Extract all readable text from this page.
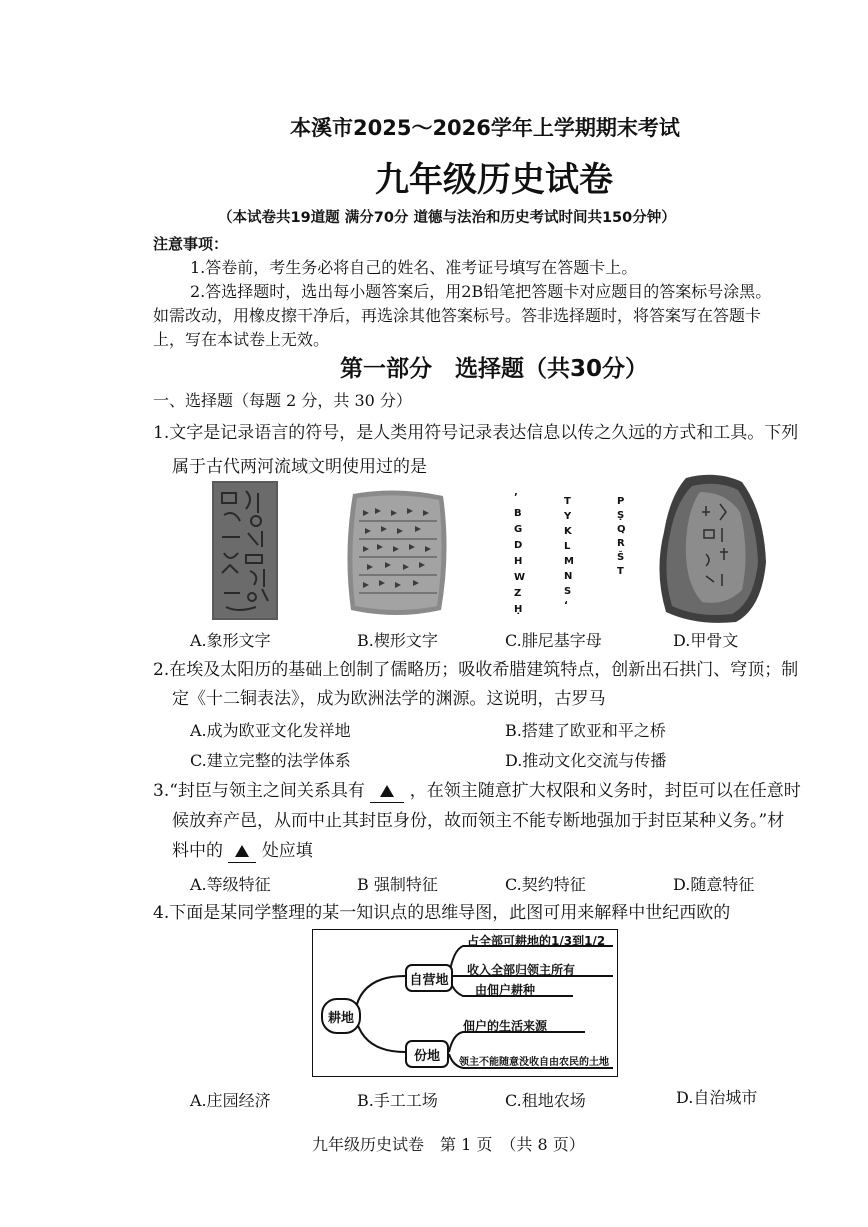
本溪市2025～2026学年上学期期末考试
九年级历史试卷
（本试卷共19道题 满分70分 道德与法治和历史考试时间共150分钟）
注意事项：
1.答卷前，考生务必将自己的姓名、准考证号填写在答题卡上。
2.答选择题时，选出每小题答案后，用2B铅笔把答题卡对应题目的答案标号涂黑。
如需改动，用橡皮擦干净后，再选涂其他答案标号。答非选择题时，将答案写在答题卡
上，写在本试卷上无效。
第一部分　选择题（共30分）
一、选择题（每题 2 分，共 30 分）
1.文字是记录语言的符号，是人类用符号记录表达信息以传之久远的方式和工具。下列
属于古代两河流域文明使用过的是
’
B
G
D
H
W
Z
Ḥ
T
Y
K
L
M
N
S
‘
P
Ṣ
Q
R
Š
T
A.象形文字	B.楔形文字	C.腓尼基字母	D.甲骨文
2.在埃及太阳历的基础上创制了儒略历；吸收希腊建筑特点，创新出石拱门、穹顶；制
定《十二铜表法》，成为欧洲法学的渊源。这说明，古罗马
A.成为欧亚文化发祥地	B.搭建了欧亚和平之桥
C.建立完整的法学体系	D.推动文化交流与传播
3.“封臣与领主之间关系具有	，在领主随意扩大权限和义务时，封臣可以在任意时
候放弃产邑，从而中止其封臣身份，故而领主不能专断地强加于封臣某种义务。”材
料中的 处应填
A.等级特征	B 强制特征	C.契约特征	D.随意特征
4.下面是某同学整理的某一知识点的思维导图，此图可用来解释中世纪西欧的
耕地
自营地
份地
占全部可耕地的1/3到1/2
收入全部归领主所有
由佃户耕种
佃户的生活来源
领主不能随意没收自由农民的土地
A.庄园经济	B.手工工场	C.租地农场	D.自治城市
九年级历史试卷　第 1 页　（共 8 页）
